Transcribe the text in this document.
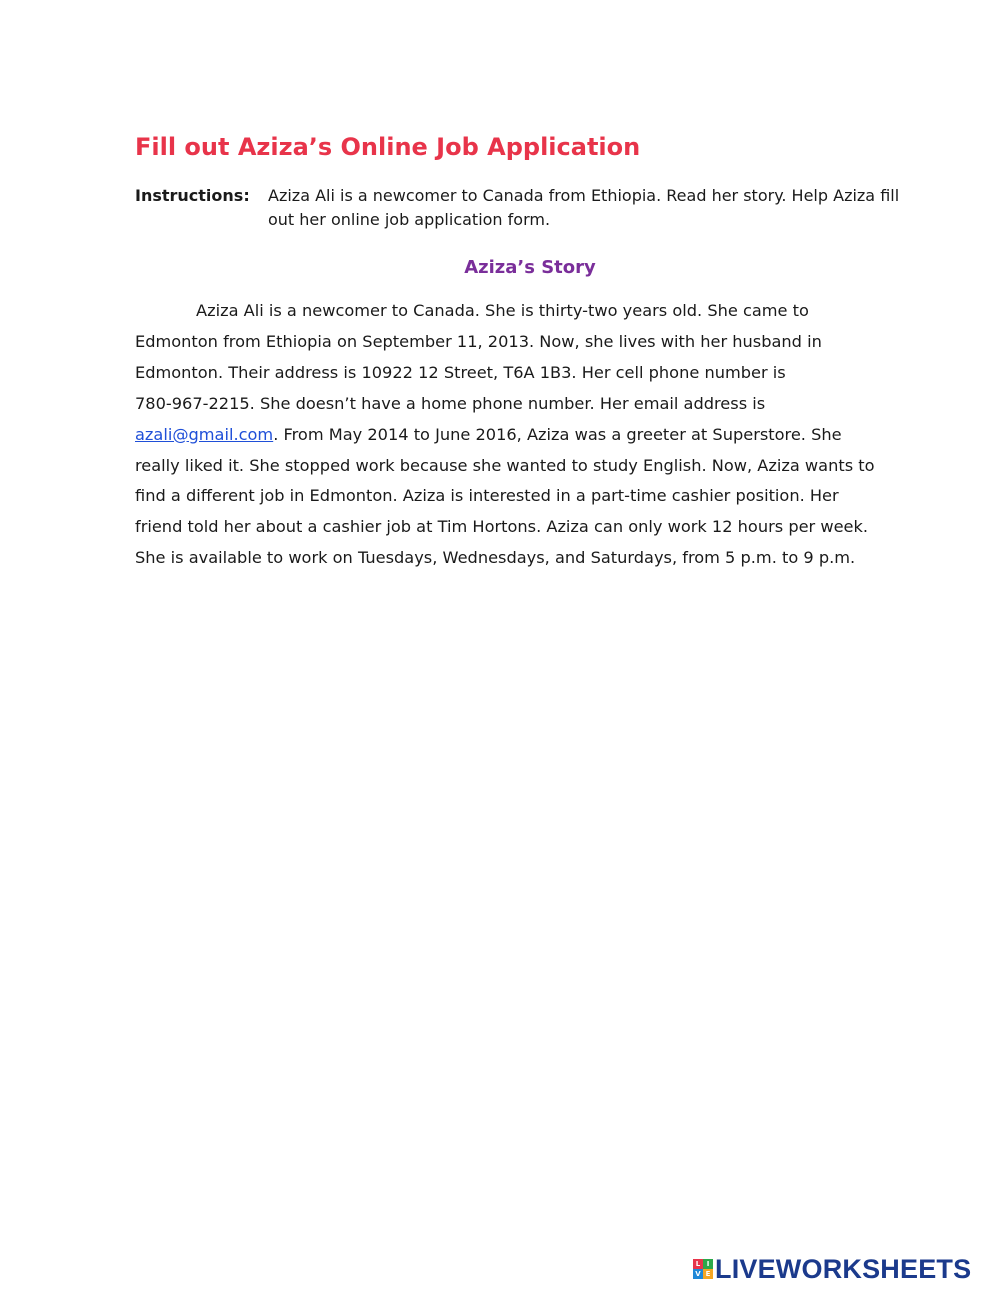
Fill out Aziza’s Online Job Application
Instructions: Aziza Ali is a newcomer to Canada from Ethiopia. Read her story. Help Aziza fill out her online job application form.
Aziza’s Story
Aziza Ali is a newcomer to Canada. She is thirty-two years old. She came to
Edmonton from Ethiopia on September 11, 2013. Now, she lives with her husband in
Edmonton. Their address is 10922 12 Street, T6A 1B3. Her cell phone number is
780-967-2215. She doesn’t have a home phone number. Her email address is
azali@gmail.com. From May 2014 to June 2016, Aziza was a greeter at Superstore. She
really liked it. She stopped work because she wanted to study English. Now, Aziza wants to
find a different job in Edmonton. Aziza is interested in a part-time cashier position. Her
friend told her about a cashier job at Tim Hortons. Aziza can only work 12 hours per week.
She is available to work on Tuesdays, Wednesdays, and Saturdays, from 5 p.m. to 9 p.m.
L I
V E LIVEWORKSHEETS
